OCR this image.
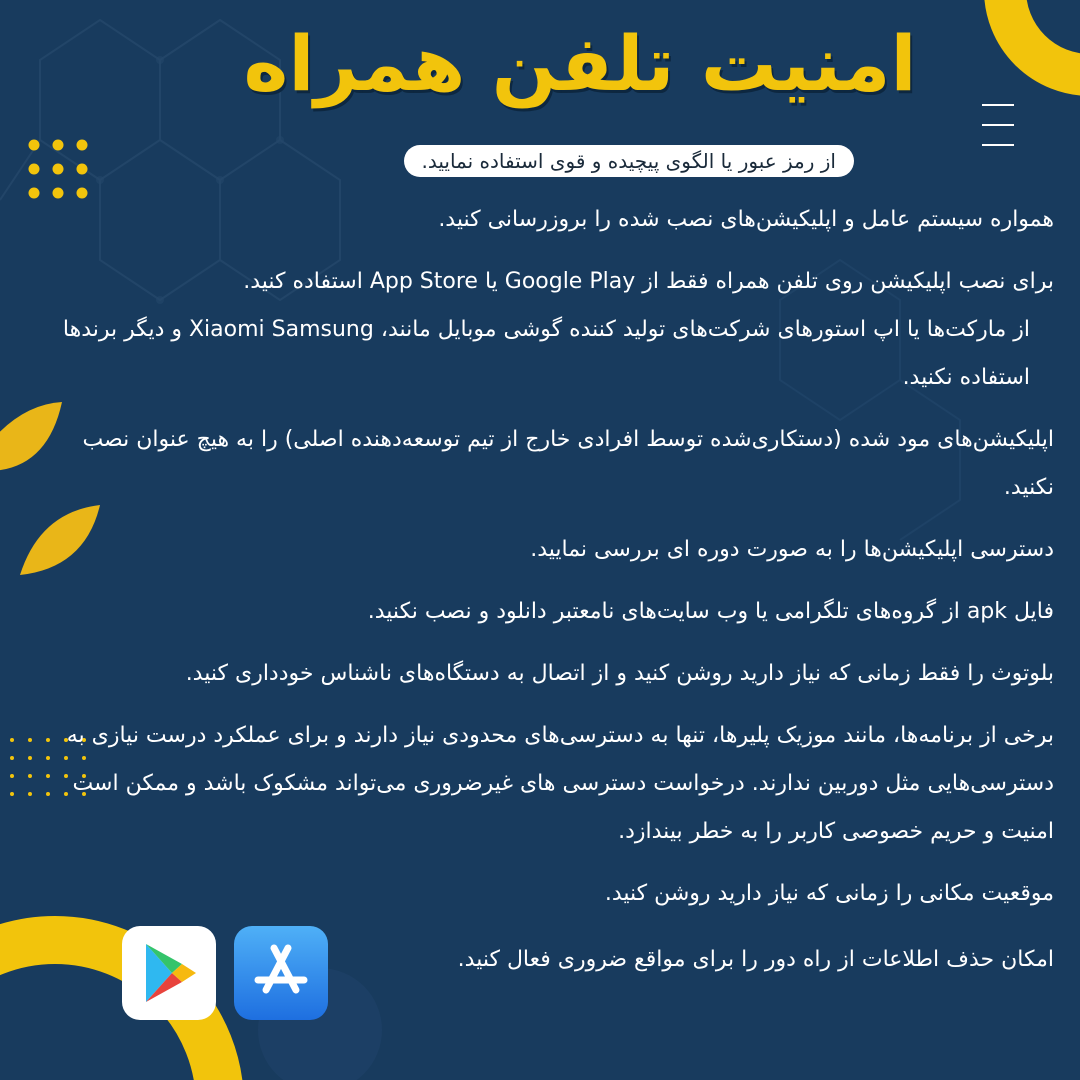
امنیت تلفن همراه
از رمز عبور یا الگوی پیچیده و قوی استفاده نمایید.

همواره سیستم عامل و اپلیکیشن‌های نصب شده را بروزرسانی کنید.

برای نصب اپلیکیشن روی تلفن همراه فقط از Google Play یا App Store استفاده کنید.

از مارکت‌ها یا اپ استورهای شرکت‌های تولید کننده گوشی موبایل مانند، Xiaomi Samsung و دیگر برندها استفاده نکنید.

اپلیکیشن‌های مود شده (دستکاری‌شده توسط افرادی خارج از تیم توسعه‌دهنده اصلی) را به هیچ عنوان نصب نکنید.

دسترسی اپلیکیشن‌ها را به صورت دوره ای بررسی نمایید.

فایل apk از گروه‌های تلگرامی یا وب سایت‌های نامعتبر دانلود و نصب نکنید.

بلوتوث را فقط زمانی که نیاز دارید روشن کنید و از اتصال به دستگاه‌های ناشناس خودداری کنید.

برخی از برنامه‌ها، مانند موزیک پلیرها، تنها به دسترسی‌های محدودی نیاز دارند و برای عملکرد درست نیازی به دسترسی‌هایی مثل دوربین ندارند. درخواست دسترسی های غیرضروری می‌تواند مشکوک باشد و ممکن است امنیت و حریم خصوصی کاربر را به خطر بیندازد.

موقعیت مکانی را زمانی که نیاز دارید روشن کنید.

امکان حذف اطلاعات از راه دور را برای مواقع ضروری فعال کنید.
